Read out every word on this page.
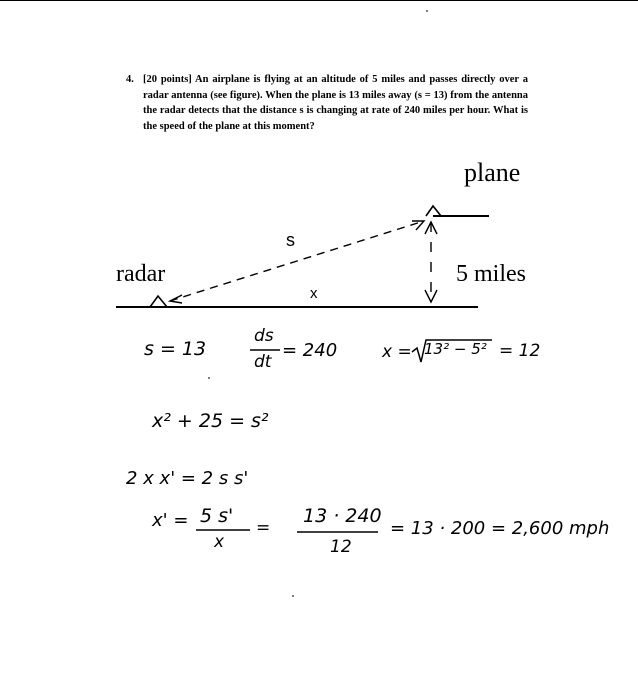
4. [20 points] An airplane is flying at an altitude of 5 miles and passes directly over a radar antenna (see figure). When the plane is 13 miles away (s = 13) from the antenna the radar detects that the distance s is changing at rate of 240 miles per hour. What is the speed of the plane at this moment?
plane
radar	5 miles
s
x
s = 13
ds
dt
= 240	x = 13² − 5² = 12
x² + 25 = s²
2 x x' = 2 s s'
x' = 5 s'
x
=
13 · 240
12
= 13 · 200 = 2,600 mph
